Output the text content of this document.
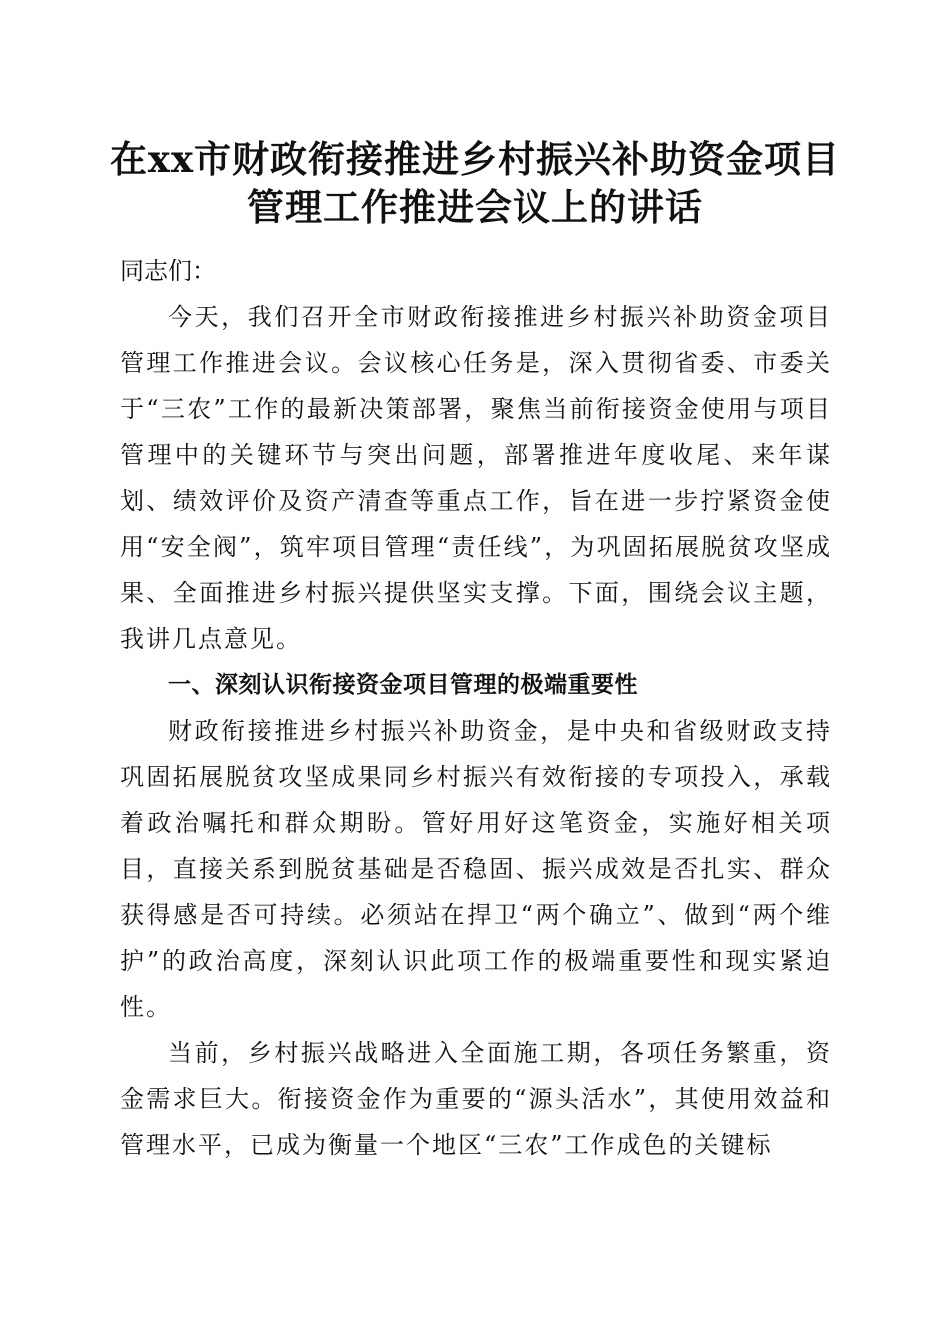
在xx市财政衔接推进乡村振兴补助资金项目
管理工作推进会议上的讲话

同志们：

今天，我们召开全市财政衔接推进乡村振兴补助资金项目管理工作推进会议。会议核心任务是，深入贯彻省委、市委关于“三农”工作的最新决策部署，聚焦当前衔接资金使用与项目管理中的关键环节与突出问题，部署推进年度收尾、来年谋划、绩效评价及资产清查等重点工作，旨在进一步拧紧资金使用“安全阀”，筑牢项目管理“责任线”，为巩固拓展脱贫攻坚成果、全面推进乡村振兴提供坚实支撑。下面，围绕会议主题，我讲几点意见。

一、深刻认识衔接资金项目管理的极端重要性

财政衔接推进乡村振兴补助资金，是中央和省级财政支持巩固拓展脱贫攻坚成果同乡村振兴有效衔接的专项投入，承载着政治嘱托和群众期盼。管好用好这笔资金，实施好相关项目，直接关系到脱贫基础是否稳固、振兴成效是否扎实、群众获得感是否可持续。必须站在捍卫“两个确立”、做到“两个维护”的政治高度，深刻认识此项工作的极端重要性和现实紧迫性。

当前，乡村振兴战略进入全面施工期，各项任务繁重，资金需求巨大。衔接资金作为重要的“源头活水”，其使用效益和管理水平，已成为衡量一个地区“三农”工作成色的关键标
